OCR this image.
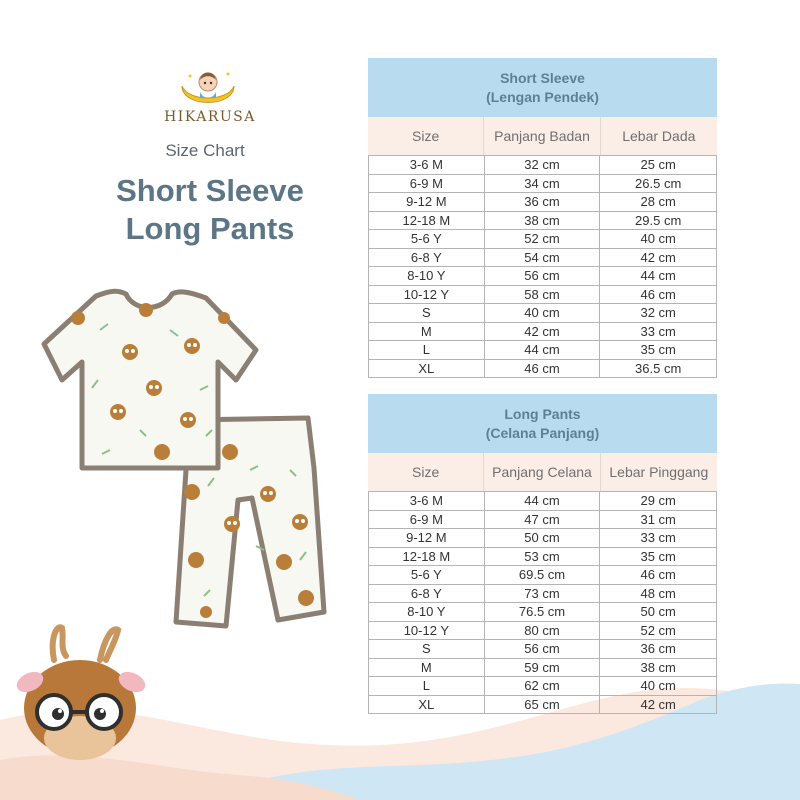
HIKARUSA
Size Chart
Short Sleeve
Long Pants
Short Sleeve
(Lengan Pendek)
Size	Panjang Badan	Lebar Dada
3-6 M	32 cm	25 cm
6-9 M	34 cm	26.5 cm
9-12 M	36 cm	28 cm
12-18 M	38 cm	29.5 cm
5-6 Y	52 cm	40 cm
6-8 Y	54 cm	42 cm
8-10 Y	56 cm	44 cm
10-12 Y	58 cm	46 cm
S	40 cm	32 cm
M	42 cm	33 cm
L	44 cm	35 cm
XL	46 cm	36.5 cm
Long Pants
(Celana Panjang)
Size	Panjang Celana	Lebar Pinggang
3-6 M	44 cm	29 cm
6-9 M	47 cm	31 cm
9-12 M	50 cm	33 cm
12-18 M	53 cm	35 cm
5-6 Y	69.5 cm	46 cm
6-8 Y	73 cm	48 cm
8-10 Y	76.5 cm	50 cm
10-12 Y	80 cm	52 cm
S	56 cm	36 cm
M	59 cm	38 cm
L	62 cm	40 cm
XL	65 cm	42 cm
